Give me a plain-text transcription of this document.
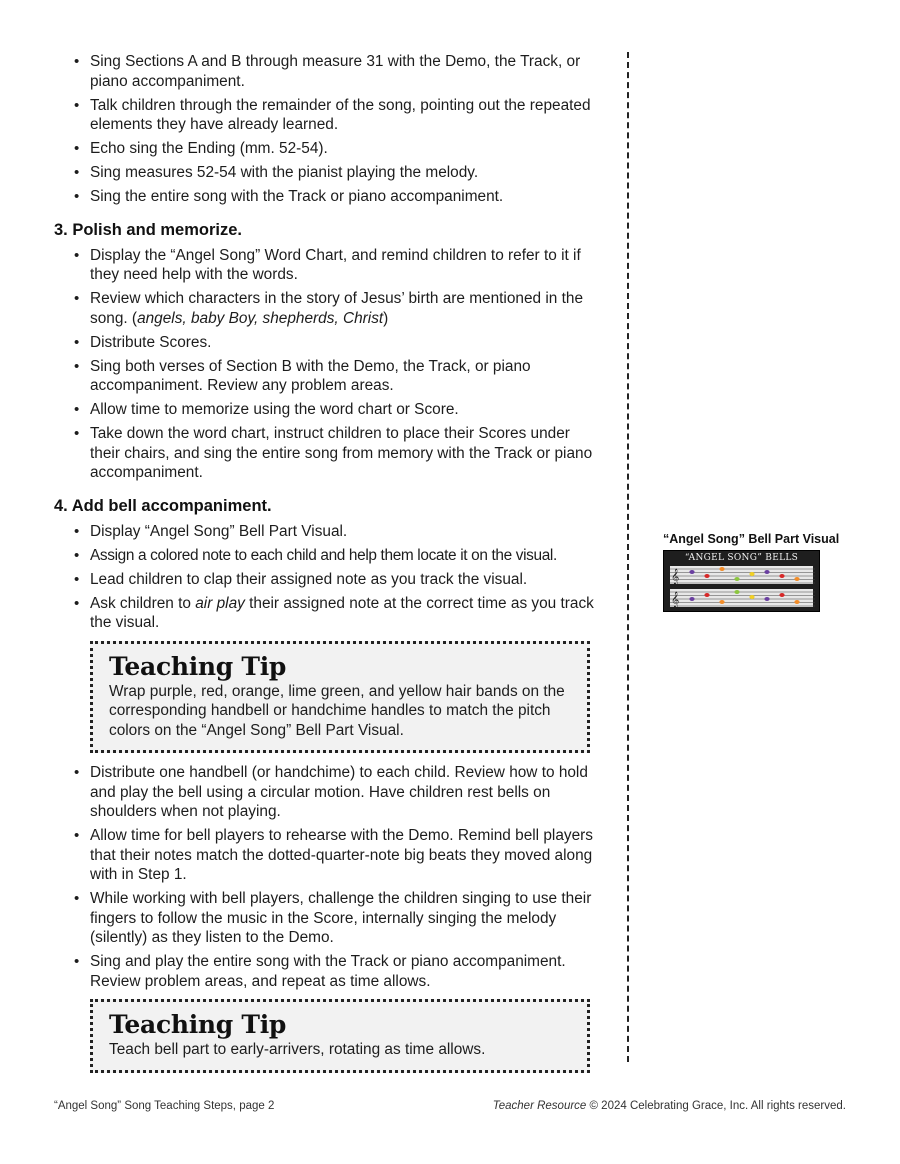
• Sing Sections A and B through measure 31 with the Demo, the Track, or piano accompaniment.
• Talk children through the remainder of the song, pointing out the repeated elements they have already learned.
• Echo sing the Ending (mm. 52-54).
• Sing measures 52-54 with the pianist playing the melody.
• Sing the entire song with the Track or piano accompaniment.
3. Polish and memorize.
• Display the “Angel Song” Word Chart, and remind children to refer to it if they need help with the words.
• Review which characters in the story of Jesus’ birth are mentioned in the song. (angels, baby Boy, shepherds, Christ)
• Distribute Scores.
• Sing both verses of Section B with the Demo, the Track, or piano accompaniment. Review any problem areas.
• Allow time to memorize using the word chart or Score.
• Take down the word chart, instruct children to place their Scores under their chairs, and sing the entire song from memory with the Track or piano accompaniment.
4. Add bell accompaniment.
• Display “Angel Song” Bell Part Visual.
• Assign a colored note to each child and help them locate it on the visual.
• Lead children to clap their assigned note as you track the visual.
• Ask children to air play their assigned note at the correct time as you track the visual.
Teaching Tip
Wrap purple, red, orange, lime green, and yellow hair bands on the corresponding handbell or handchime handles to match the pitch colors on the “Angel Song” Bell Part Visual.
• Distribute one handbell (or handchime) to each child. Review how to hold and play the bell using a circular motion. Have children rest bells on shoulders when not playing.
• Allow time for bell players to rehearse with the Demo. Remind bell players that their notes match the dotted-quarter-note big beats they moved along with in Step 1.
• While working with bell players, challenge the children singing to use their fingers to follow the music in the Score, internally singing the melody (silently) as they listen to the Demo.
• Sing and play the entire song with the Track or piano accompaniment. Review problem areas, and repeat as time allows.
Teaching Tip
Teach bell part to early-arrivers, rotating as time allows.
“Angel Song” Bell Part Visual
“ANGEL SONG” BELLS
𝄞
𝄞
“Angel Song” Song Teaching Steps, page 2	Teacher Resource © 2024 Celebrating Grace, Inc. All rights reserved.
